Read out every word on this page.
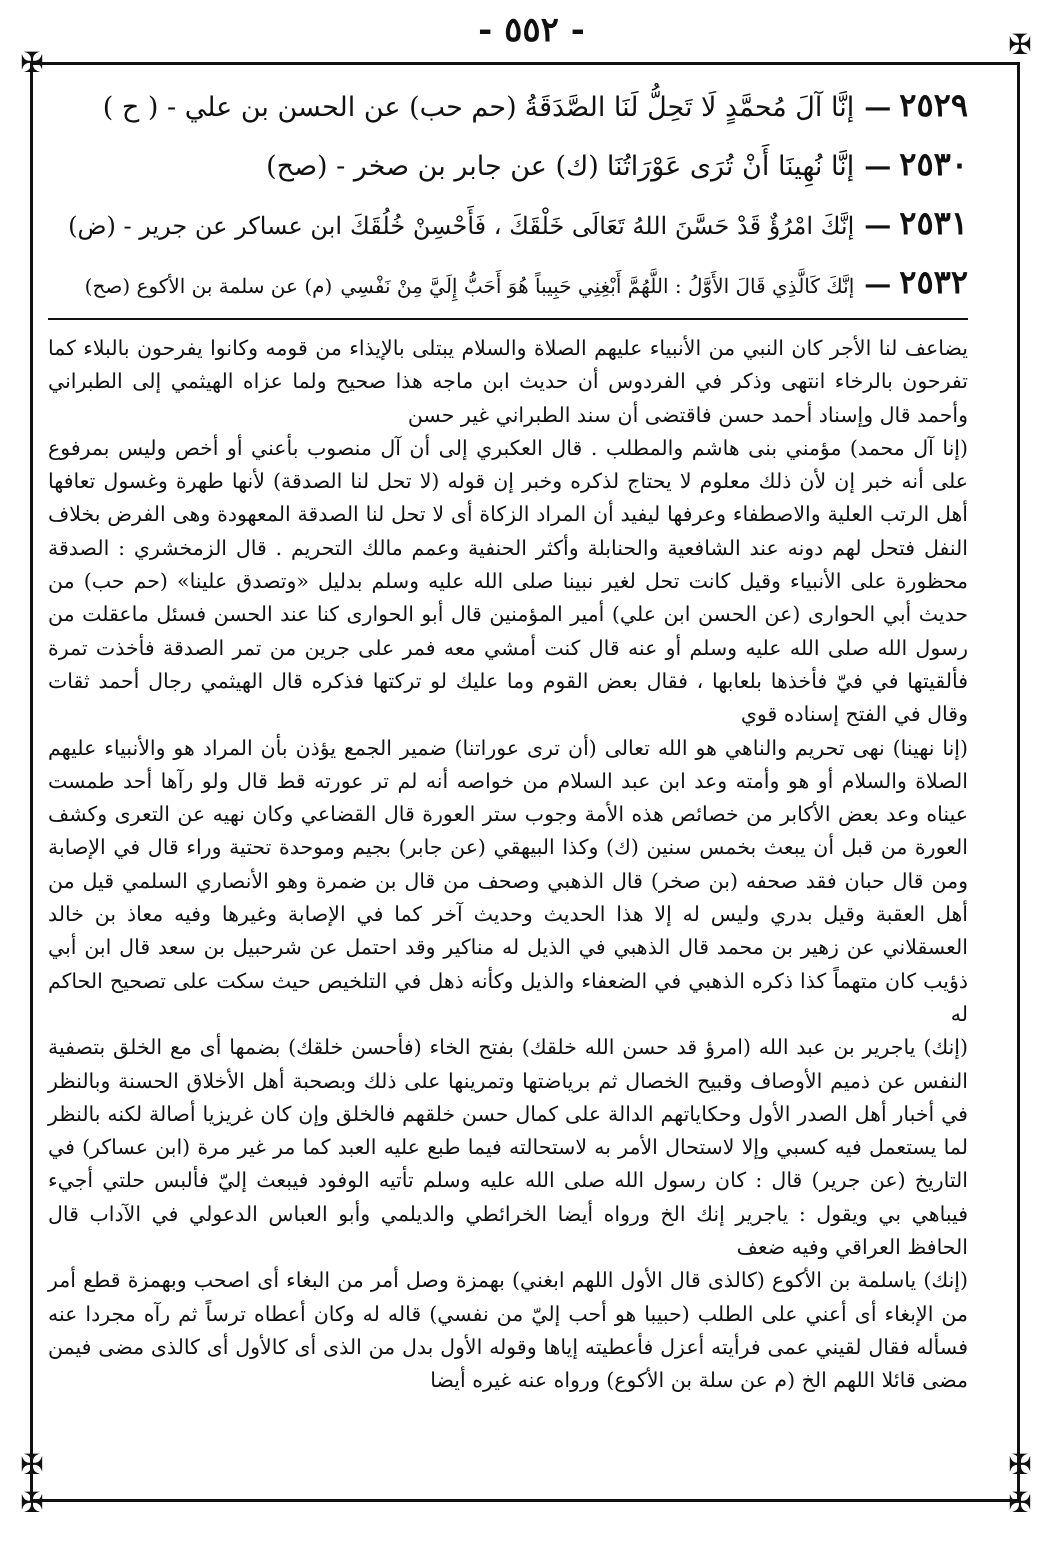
- ٥٥٢ -
✠
✠
✠	✠
✠
✠
٢٥٢٩
—
إنَّا آلَ مُحمَّدٍ لَا تَحِلُّ لَنَا الصَّدَقَةُ
(حم حب) عن الحسن بن علي - ( ح )
٢٥٣٠
—
إنَّا نُهِينَا أَنْ تُرَى عَوْرَاتُنَا
(ك) عن جابر بن صخر - (صح)
٢٥٣١
—
إنَّكَ امْرُؤٌ قَدْ حَسَّنَ اللهُ تَعَالَى خَلْقَكَ ، فَأَحْسِنْ خُلُقَكَ
ابن عساكر عن جرير - (ض)
٢٥٣٢
—
إنَّكَ كَالَّذِي قَالَ الأَوَّلُ : اللَّهُمَّ أَبْغِنِي حَبِيباً هُوَ أَحَبُّ إِلَيَّ مِنْ نَفْسِي
(م) عن سلمة بن الأكوع (صح)

يضاعف لنا الأجر كان النبي من الأنبياء عليهم الصلاة والسلام يبتلى بالإيذاء من قومه وكانوا يفرحون بالبلاء كما تفرحون بالرخاء انتهى وذكر في الفردوس أن حديث ابن ماجه هذا صحيح ولما عزاه الهيثمي إلى الطبراني وأحمد قال وإسناد أحمد حسن فاقتضى أن سند الطبراني غير حسن

(إنا آل محمد) مؤمني بنى هاشم والمطلب . قال العكبري إلى أن آل منصوب بأعني أو أخص وليس بمرفوع على أنه خبر إن لأن ذلك معلوم لا يحتاج لذكره وخبر إن قوله (لا تحل لنا الصدقة) لأنها طهرة وغسول تعافها أهل الرتب العلية والاصطفاء وعرفها ليفيد أن المراد الزكاة أى لا تحل لنا الصدقة المعهودة وهى الفرض بخلاف النفل فتحل لهم دونه عند الشافعية والحنابلة وأكثر الحنفية وعمم مالك التحريم . قال الزمخشري : الصدقة محظورة على الأنبياء وقيل كانت تحل لغير نبينا صلى الله عليه وسلم بدليل «وتصدق علينا» (حم حب) من حديث أبي الحوارى (عن الحسن ابن علي) أمير المؤمنين قال أبو الحوارى كنا عند الحسن فسئل ماعقلت من رسول الله صلى الله عليه وسلم أو عنه قال كنت أمشي معه فمر على جرين من تمر الصدقة فأخذت تمرة فألقيتها في فيّ فأخذها بلعابها ، فقال بعض القوم وما عليك لو تركتها فذكره قال الهيثمي رجال أحمد ثقات وقال في الفتح إسناده قوي

(إنا نهينا) نهى تحريم والناهي هو الله تعالى (أن ترى عوراتنا) ضمير الجمع يؤذن بأن المراد هو والأنبياء عليهم الصلاة والسلام أو هو وأمته وعد ابن عبد السلام من خواصه أنه لم تر عورته قط قال ولو رآها أحد طمست عيناه وعد بعض الأكابر من خصائص هذه الأمة وجوب ستر العورة قال القضاعي وكان نهيه عن التعرى وكشف العورة من قبل أن يبعث بخمس سنين (ك) وكذا البيهقي (عن جابر) بجيم وموحدة تحتية وراء قال في الإصابة ومن قال حبان فقد صحفه (بن صخر) قال الذهبي وصحف من قال بن ضمرة وهو الأنصاري السلمي قيل من أهل العقبة وقيل بدري وليس له إلا هذا الحديث وحديث آخر كما في الإصابة وغيرها وفيه معاذ بن خالد العسقلاني عن زهير بن محمد قال الذهبي في الذيل له مناكير وقد احتمل عن شرحبيل بن سعد قال ابن أبي ذؤيب كان متهماً كذا ذكره الذهبي في الضعفاء والذيل وكأنه ذهل في التلخيص حيث سكت على تصحيح الحاكم له

(إنك) ياجرير بن عبد الله (امرؤ قد حسن الله خلقك) بفتح الخاء (فأحسن خلقك) بضمها أى مع الخلق بتصفية النفس عن ذميم الأوصاف وقبيح الخصال ثم برياضتها وتمرينها على ذلك وبصحبة أهل الأخلاق الحسنة وبالنظر في أخبار أهل الصدر الأول وحكاياتهم الدالة على كمال حسن خلقهم فالخلق وإن كان غريزيا أصالة لكنه بالنظر لما يستعمل فيه كسبي وإلا لاستحال الأمر به لاستحالته فيما طبع عليه العبد كما مر غير مرة (ابن عساكر) في التاريخ (عن جرير) قال : كان رسول الله صلى الله عليه وسلم تأتيه الوفود فيبعث إليّ فألبس حلتي أجيء فيباهي بي ويقول : ياجرير إنك الخ ورواه أيضا الخرائطي والديلمي وأبو العباس الدعولي في الآداب قال الحافظ العراقي وفيه ضعف

(إنك) ياسلمة بن الأكوع (كالذى قال الأول اللهم ابغني) بهمزة وصل أمر من البغاء أى اصحب وبهمزة قطع أمر من الإبغاء أى أعني على الطلب (حبيبا هو أحب إليّ من نفسي) قاله له وكان أعطاه ترساً ثم رآه مجردا عنه فسأله فقال لقيني عمى فرأيته أعزل فأعطيته إياها وقوله الأول بدل من الذى أى كالأول أى كالذى مضى فيمن مضى قائلا اللهم الخ (م عن سلة بن الأكوع) ورواه عنه غيره أيضا
